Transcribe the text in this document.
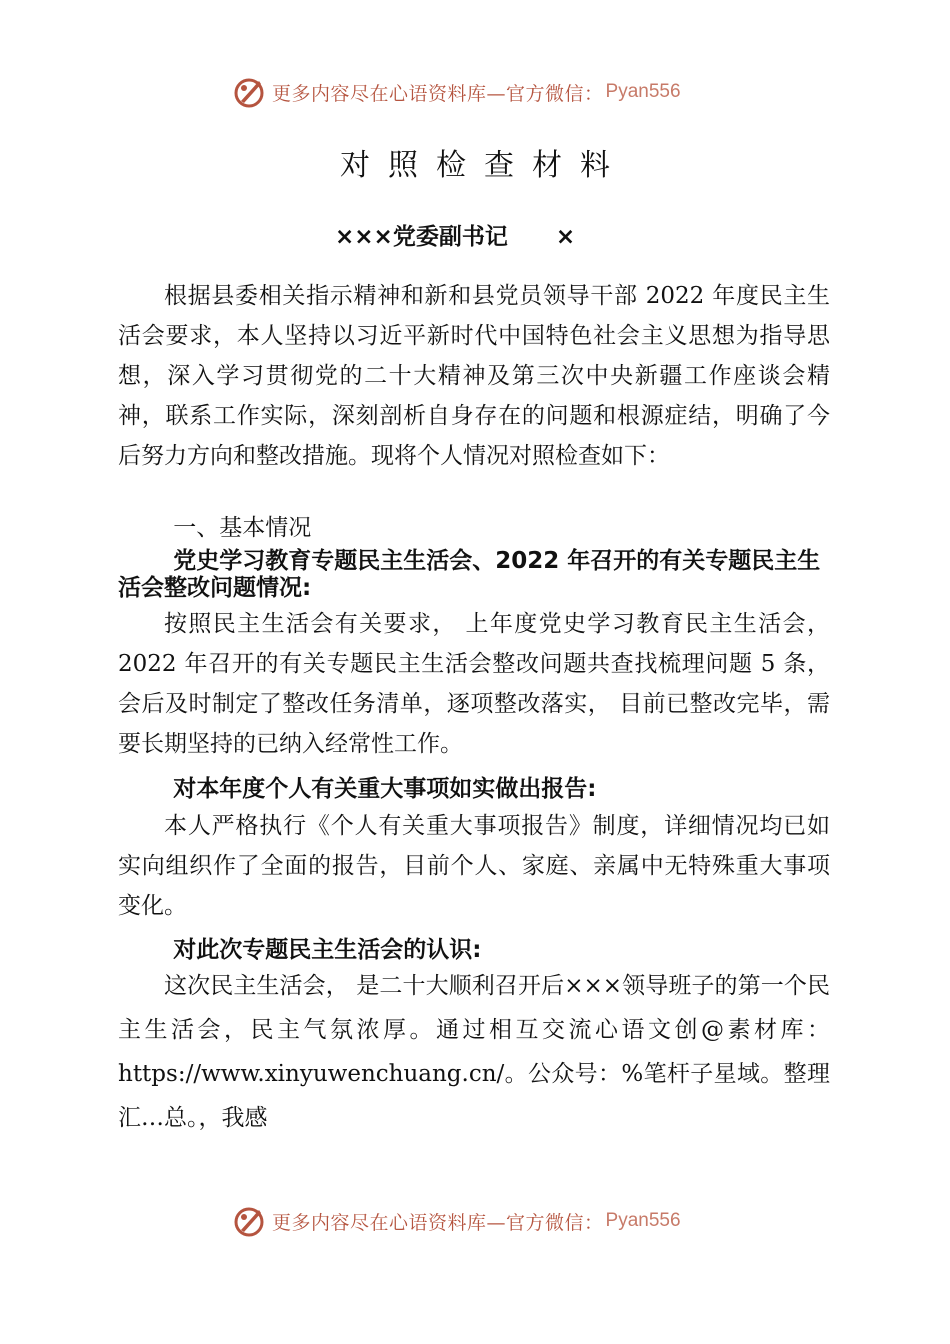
更多内容尽在心语资料库—官方微信： Pyan556
对照检查材料
×××党委副书记      ×

根据县委相关指示精神和新和县党员领导干部 2022 年度民主生活会要求，本人坚持以习近平新时代中国特色社会主义思想为指导思想，深入学习贯彻党的二十大精神及第三次中央新疆工作座谈会精神，联系工作实际，深刻剖析自身存在的问题和根源症结，明确了今后努力方向和整改措施。现将个人情况对照检查如下：

一、基本情况

党史学习教育专题民主生活会、2022 年召开的有关专题民主生活会整改问题情况:

按照民主生活会有关要求， 上年度党史学习教育民主生活会，2022 年召开的有关专题民主生活会整改问题共查找梳理问题 5 条，会后及时制定了整改任务清单，逐项整改落实， 目前已整改完毕，需要长期坚持的已纳入经常性工作。

对本年度个人有关重大事项如实做出报告:

本人严格执行《个人有关重大事项报告》制度，详细情况均已如实向组织作了全面的报告，目前个人、家庭、亲属中无特殊重大事项变化。

对此次专题民主生活会的认识:

这次民主生活会， 是二十大顺利召开后×××领导班子的第一个民主生活会，民主气氛浓厚。通过相互交流心语文创@素材库：https://www.xinyuwenchuang.cn/。公众号：%笔杆子星域。整理汇…总。，我感

更多内容尽在心语资料库—官方微信： Pyan556
